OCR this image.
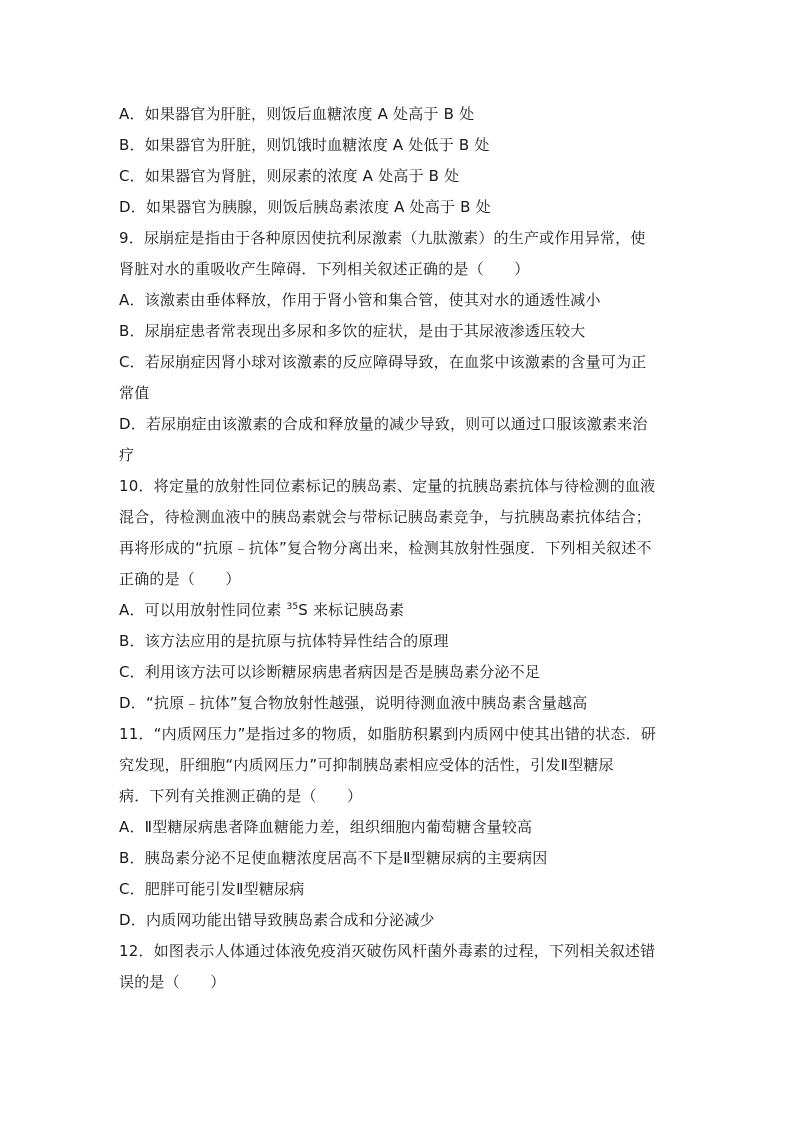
A．如果器官为肝脏，则饭后血糖浓度 A 处高于 B 处
B．如果器官为肝脏，则饥饿时血糖浓度 A 处低于 B 处
C．如果器官为肾脏，则尿素的浓度 A 处高于 B 处
D．如果器官为胰腺，则饭后胰岛素浓度 A 处高于 B 处
9．尿崩症是指由于各种原因使抗利尿激素（九肽激素）的生产或作用异常，使
肾脏对水的重吸收产生障碍．下列相关叙述正确的是（　　）
A．该激素由垂体释放，作用于肾小管和集合管，使其对水的通透性减小
B．尿崩症患者常表现出多尿和多饮的症状，是由于其尿液渗透压较大
C．若尿崩症因肾小球对该激素的反应障碍导致，在血浆中该激素的含量可为正
常值
D．若尿崩症由该激素的合成和释放量的减少导致，则可以通过口服该激素来治
疗
10．将定量的放射性同位素标记的胰岛素、定量的抗胰岛素抗体与待检测的血液
混合，待检测血液中的胰岛素就会与带标记胰岛素竞争，与抗胰岛素抗体结合；
再将形成的“抗原﹣抗体”复合物分离出来，检测其放射性强度．下列相关叙述不
正确的是（　　）
A．可以用放射性同位素 $^{35}$S 来标记胰岛素
B．该方法应用的是抗原与抗体特异性结合的原理
C．利用该方法可以诊断糖尿病患者病因是否是胰岛素分泌不足
D．“抗原﹣抗体”复合物放射性越强，说明待测血液中胰岛素含量越高
11．“内质网压力”是指过多的物质，如脂肪积累到内质网中使其出错的状态．研
究发现，肝细胞“内质网压力”可抑制胰岛素相应受体的活性，引发Ⅱ型糖尿
病．下列有关推测正确的是（　　）
A．Ⅱ型糖尿病患者降血糖能力差，组织细胞内葡萄糖含量较高
B．胰岛素分泌不足使血糖浓度居高不下是Ⅱ型糖尿病的主要病因
C．肥胖可能引发Ⅱ型糖尿病
D．内质网功能出错导致胰岛素合成和分泌减少
12．如图表示人体通过体液免疫消灭破伤风杆菌外毒素的过程，下列相关叙述错
误的是（　　）
